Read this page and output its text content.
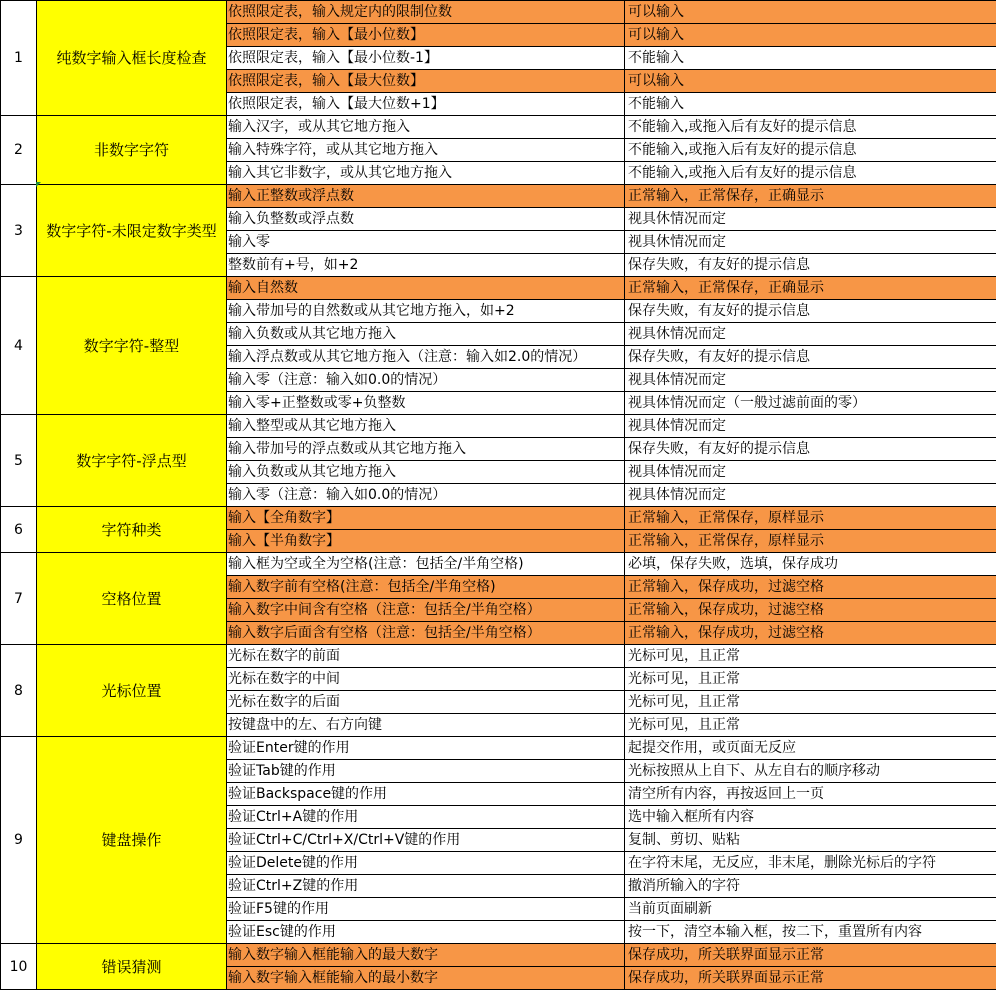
1	纯数字输入框长度检查	依照限定表，输入规定内的限制位数	可以输入
		依照限定表，输入【最小位数】	可以输入
		依照限定表，输入【最小位数-1】	不能输入
		依照限定表，输入【最大位数】	可以输入
		依照限定表，输入【最大位数+1】	不能输入
2	非数字字符	输入汉字，或从其它地方拖入	不能输入,或拖入后有友好的提示信息
		输入特殊字符，或从其它地方拖入	不能输入,或拖入后有友好的提示信息
		输入其它非数字，或从其它地方拖入	不能输入,或拖入后有友好的提示信息
3	数字字符-未限定数字类型	输入正整数或浮点数	正常输入，正常保存，正确显示
		输入负整数或浮点数	视具休情况而定
		输入零	视具休情况而定
		整数前有+号，如+2	保存失败，有友好的提示信息
4	数字字符-整型	输入自然数	正常输入，正常保存，正确显示
		输入带加号的自然数或从其它地方拖入，如+2	保存失败，有友好的提示信息
		输入负数或从其它地方拖入	视具休情况而定
		输入浮点数或从其它地方拖入（注意：输入如2.0的情况）	保存失败，有友好的提示信息
		输入零（注意：输入如0.0的情况）	视具体情况而定
		输入零+正整数或零+负整数	视具体情况而定（一般过滤前面的零）
5	数字字符-浮点型	输入整型或从其它地方拖入	视具体情况而定
		输入带加号的浮点数或从其它地方拖入	保存失败，有友好的提示信息
		输入负数或从其它地方拖入	视具体情况而定
		输入零（注意：输入如0.0的情况）	视具体情况而定
6	字符种类	输入【全角数字】	正常输入，正常保存，原样显示
		输入【半角数字】	正常输入，正常保存，原样显示
7	空格位置	输入框为空或全为空格(注意：包括全/半角空格)	必填，保存失败，选填，保存成功
		输入数字前有空格(注意：包括全/半角空格)	正常输入，保存成功，过滤空格
		输入数字中间含有空格（注意：包括全/半角空格）	正常输入，保存成功，过滤空格
		输入数字后面含有空格（注意：包括全/半角空格）	正常输入，保存成功，过滤空格
8	光标位置	光标在数字的前面	光标可见，且正常
		光标在数字的中间	光标可见，且正常
		光标在数字的后面	光标可见，且正常
		按键盘中的左、右方向键	光标可见，且正常
9	键盘操作	验证Enter键的作用	起提交作用，或页面无反应
		验证Tab键的作用	光标按照从上自下、从左自右的顺序移动
		验证Backspace键的作用	清空所有内容，再按返回上一页
		验证Ctrl+A键的作用	选中输入框所有内容
		验证Ctrl+C/Ctrl+X/Ctrl+V键的作用	复制、剪切、贴粘
		验证Delete键的作用	在字符末尾，无反应，非末尾，删除光标后的字符
		验证Ctrl+Z键的作用	撤消所输入的字符
		验证F5键的作用	当前页面刷新
		验证Esc键的作用	按一下，清空本输入框，按二下，重置所有内容
10	错误猜测	输入数字输入框能输入的最大数字	保存成功，所关联界面显示正常
		输入数字输入框能输入的最小数字	保存成功，所关联界面显示正常
